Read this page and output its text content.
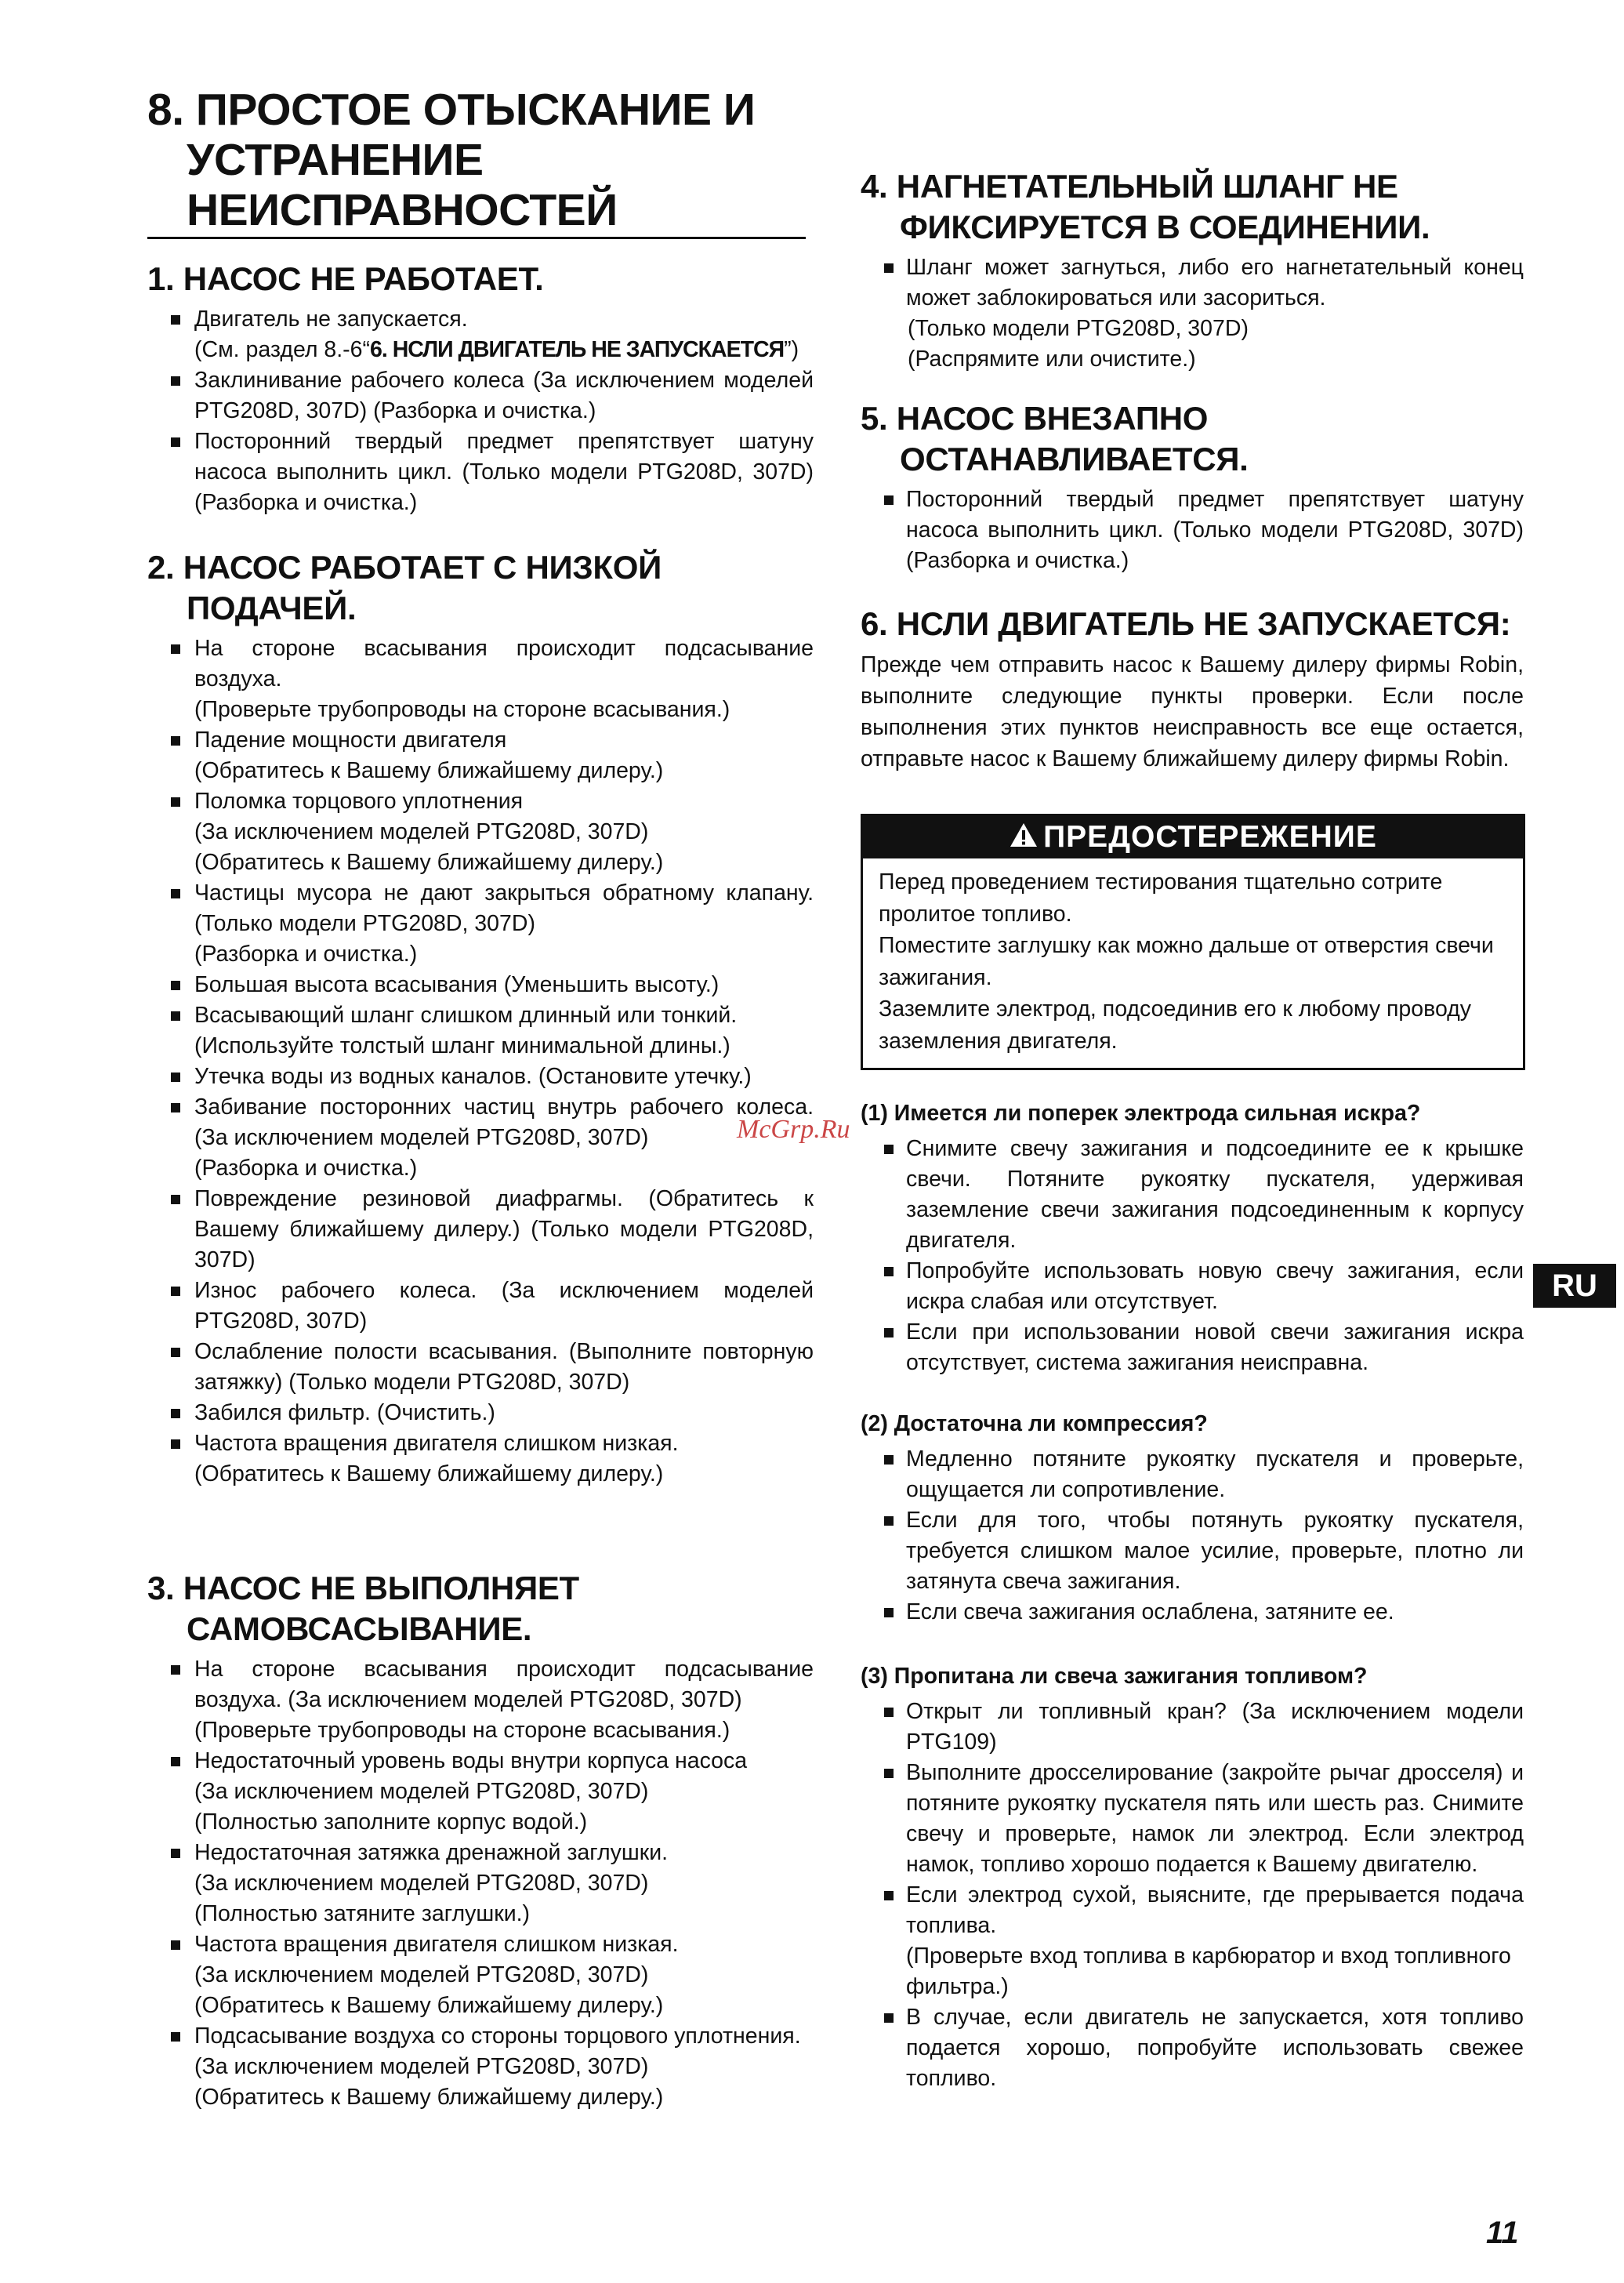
8. ПРОСТОЕ ОТЫСКАНИЕ И УСТРАНЕНИЕ НЕИСПРАВНОСТЕЙ
1. НАСОС НЕ РАБОТАЕТ.
Двигатель не запускается.
(См. раздел 8.-6“6. НСЛИ ДВИГАТЕЛЬ НЕ ЗАПУСКАЕТСЯ”)
Заклинивание рабочего колеса (За исключением моделей PTG208D, 307D) (Разборка и очистка.)
Посторонний твердый предмет препятствует шатуну насоса выполнить цикл. (Только модели PTG208D, 307D) (Разборка и очистка.)
2. НАСОС РАБОТАЕТ С НИЗКОЙ ПОДАЧЕЙ.
На стороне всасывания происходит подсасывание воздуха.
(Проверьте трубопроводы на стороне всасывания.)
Падение мощности двигателя
(Обратитесь к Вашему ближайшему дилеру.)
Поломка торцового уплотнения
(За исключением моделей PTG208D, 307D)
(Обратитесь к Вашему ближайшему дилеру.)
Частицы мусора не дают закрыться обратному клапану. (Только модели PTG208D, 307D)
(Разборка и очистка.)
Большая высота всасывания (Уменьшить высоту.)
Всасывающий шланг слишком длинный или тонкий.
(Используйте толстый шланг минимальной длины.)
Утечка воды из водных каналов. (Остановите утечку.)
Забивание посторонних частиц внутрь рабочего колеса. (За исключением моделей PTG208D, 307D)
(Разборка и очистка.)
Повреждение резиновой диафрагмы. (Обратитесь к Вашему ближайшему дилеру.) (Только модели PTG208D, 307D)
Износ рабочего колеса. (За исключением моделей PTG208D, 307D)
Ослабление полости всасывания. (Выполните повторную затяжку) (Только модели PTG208D, 307D)
Забился фильтр. (Очистить.)
Частота вращения двигателя слишком низкая.
(Обратитесь к Вашему ближайшему дилеру.)
3. НАСОС НЕ ВЫПОЛНЯЕТ САМОВСАСЫВАНИЕ.
На стороне всасывания происходит подсасывание воздуха. (За исключением моделей PTG208D, 307D)
(Проверьте трубопроводы на стороне всасывания.)
Недостаточный уровень воды внутри корпуса насоса
(За исключением моделей PTG208D, 307D)
(Полностью заполните корпус водой.)
Недостаточная затяжка дренажной заглушки.
(За исключением моделей PTG208D, 307D)
(Полностью затяните заглушки.)
Частота вращения двигателя слишком низкая.
(За исключением моделей PTG208D, 307D)
(Обратитесь к Вашему ближайшему дилеру.)
Подсасывание воздуха со стороны торцового уплотнения.
(За исключением моделей PTG208D, 307D)
(Обратитесь к Вашему ближайшему дилеру.)
4. НАГНЕТАТЕЛЬНЫЙ ШЛАНГ НЕ ФИКСИРУЕТСЯ В СОЕДИНЕНИИ.
Шланг может загнуться, либо его нагнетательный конец может заблокироваться или засориться.
(Только модели PTG208D, 307D)
(Распрямите или очистите.)
5. НАСОС ВНЕЗАПНО ОСТАНАВЛИВАЕТСЯ.
Посторонний твердый предмет препятствует шатуну насоса выполнить цикл. (Только модели PTG208D, 307D) (Разборка и очистка.)
6. НСЛИ ДВИГАТЕЛЬ НЕ ЗАПУСКАЕТСЯ:

Прежде чем отправить насос к Вашему дилеру фирмы Robin, выполните следующие пункты проверки. Если после выполнения этих пунктов неисправность все еще остается, отправьте насос к Вашему ближайшему дилеру фирмы Robin.

ПРЕДОСТЕРЕЖЕНИЕ
Перед проведением тестирования тщательно сотрите пролитое топливо.
Поместите заглушку как можно дальше от отверстия свечи зажигания.
Заземлите электрод, подсоединив его к любому проводу заземления двигателя.
(1) Имеется ли поперек электрода сильная искра?
Снимите свечу зажигания и подсоедините ее к крышке свечи. Потяните рукоятку пускателя, удерживая заземление свечи зажигания подсоединенным к корпусу двигателя.
Попробуйте использовать новую свечу зажигания, если искра слабая или отсутствует.
Если при использовании новой свечи зажигания искра отсутствует, система зажигания неисправна.
(2) Достаточна ли компрессия?
Медленно потяните рукоятку пускателя и проверьте, ощущается ли сопротивление.
Если для того, чтобы потянуть рукоятку пускателя, требуется слишком малое усилие, проверьте, плотно ли затянута свеча зажигания.
Если свеча зажигания ослаблена, затяните ее.
(3) Пропитана ли свеча зажигания топливом?
Открыт ли топливный кран? (За исключением модели PTG109)
Выполните дросселирование (закройте рычаг дросселя) и потяните рукоятку пускателя пять или шесть раз. Снимите свечу и проверьте, намок ли электрод. Если электрод намок, топливо хорошо подается к Вашему двигателю.
Если электрод сухой, выясните, где прерывается подача топлива.
(Проверьте вход топлива в карбюратор и вход топливного фильтра.)
В случае, если двигатель не запускается, хотя топливо подается хорошо, попробуйте использовать свежее топливо.
RU
McGrp.Ru
11
